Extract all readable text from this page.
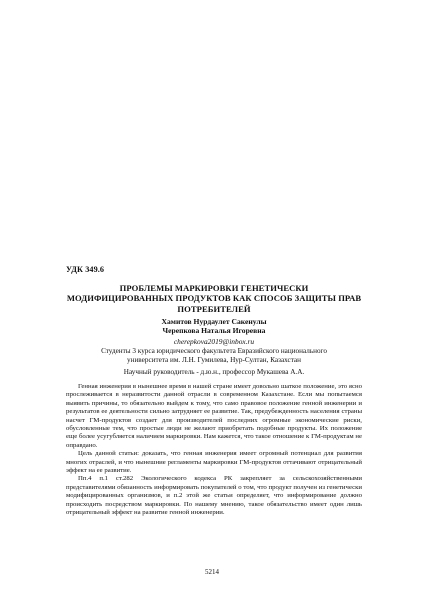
УДК 349.6
ПРОБЛЕМЫ МАРКИРОВКИ ГЕНЕТИЧЕСКИ МОДИФИЦИРОВАННЫХ ПРОДУКТОВ КАК СПОСОБ ЗАЩИТЫ ПРАВ ПОТРЕБИТЕЛЕЙ
Хамитов Нурдаулет Сакенулы
Черепкова Наталья Игоревна
cherepkova2019@inbox.ru
Студенты 3 курса юридического факультета Евразийского национального
университета им. Л.Н. Гумилева, Нур-Султан, Казахстан
Научный руководитель - д.ю.н., профессор Мукашева А.А.

Генная инженерия в нынешнее время в нашей стране имеет довольно шаткое положение, это ясно прослеживается в неразвитости данной отрасли в современном Казахстане. Если мы попытаемся выявить причины, то обязательно выйдем к тому, что само правовое положение генной инженерии и результатов ее деятельности сильно затрудняет ее развитие. Так, предубежденность населения страны насчет ГМ-продуктов создает для производителей последних огромные экономические риски, обусловленные тем, что простые люди не желают приобретать подобные продукты. Их положение еще более усугубляется наличием маркировки. Нам кажется, что такое отношение к ГМ-продуктам не оправдано.

Цель данной статьи: доказать, что генная инженерия имеет огромный потенциал для развития многих отраслей, и что нынешние регламенты маркировки ГМ-продуктов оттачивают отрицательный эффект на ее развитие.

Пп.4 п.1 ст.282 Экологического кодекса РК закрепляет за сельскохозяйственными представителями обязанность информировать покупателей о том, что продукт получен из генетически модифицированных организмов, и п.2 этой же статьи определяет, что информирование должно происходить посредством маркировки. По нашему мнению, такое обязательство имеет один лишь отрицательный эффект на развитие генной инженерии.

5214
